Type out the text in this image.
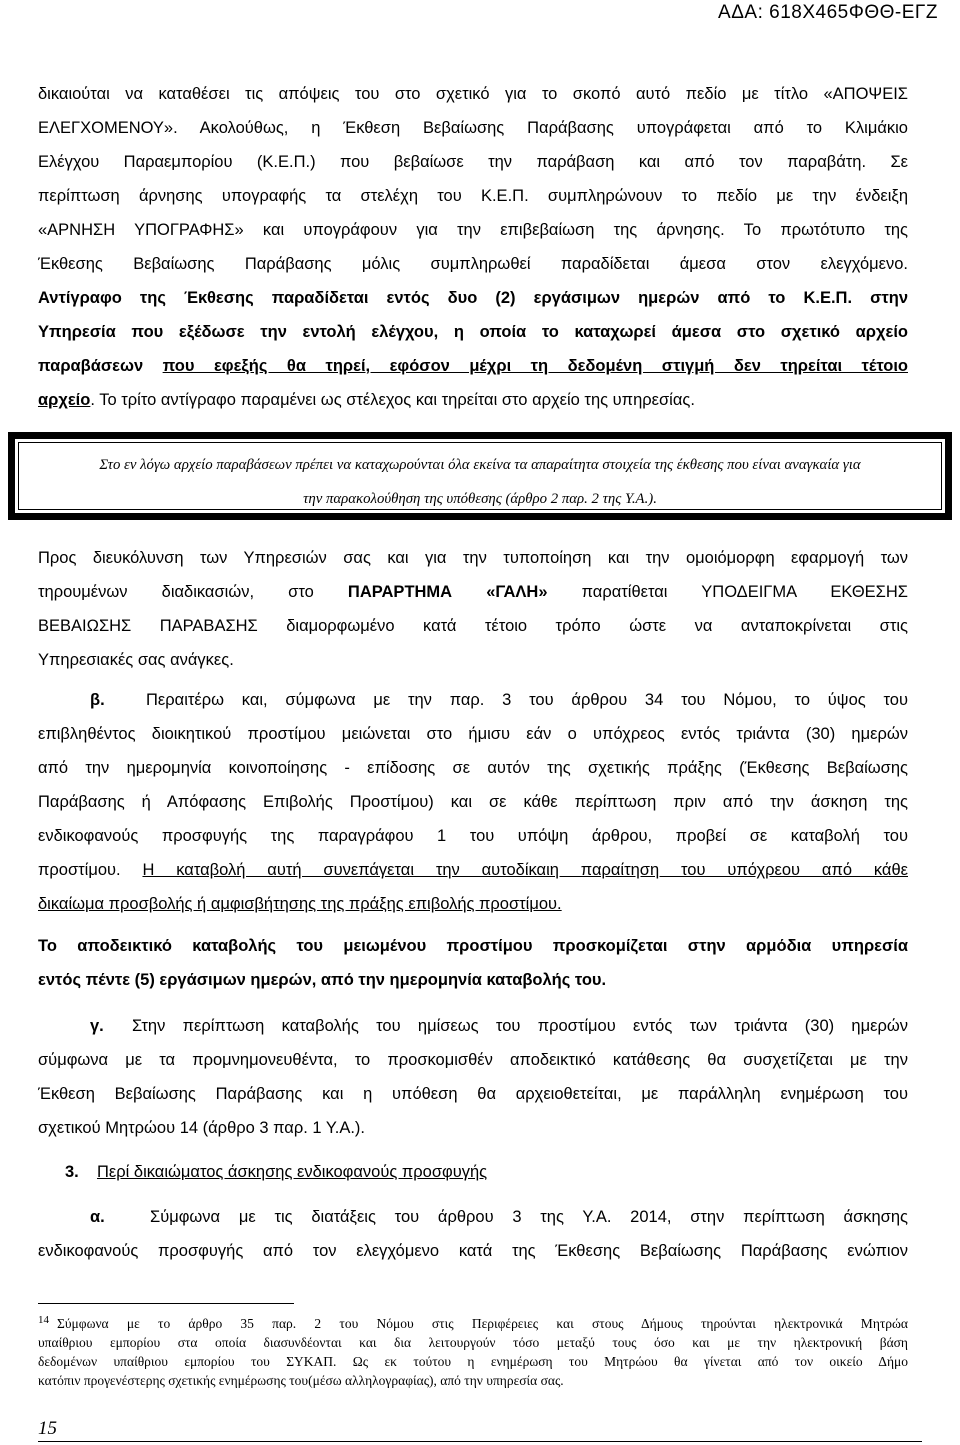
ΑΔΑ: 618Χ465ΦΘΘ-ΕΓΖ
δικαιούται να καταθέσει τις απόψεις του στο σχετικό για το σκοπό αυτό πεδίο με τίτλο «ΑΠΟΨΕΙΣ
ΕΛΕΓΧΟΜΕΝΟΥ». Ακολούθως, η Έκθεση Βεβαίωσης Παράβασης υπογράφεται από το Κλιμάκιο
Ελέγχου Παραεμπορίου (Κ.Ε.Π.) που βεβαίωσε την παράβαση και από τον παραβάτη. Σε
περίπτωση άρνησης υπογραφής τα στελέχη του Κ.Ε.Π. συμπληρώνουν το πεδίο με την ένδειξη
«ΑΡΝΗΣΗ ΥΠΟΓΡΑΦΗΣ» και υπογράφουν για την επιβεβαίωση της άρνησης. Το πρωτότυπο της
Έκθεσης Βεβαίωσης Παράβασης μόλις συμπληρωθεί παραδίδεται άμεσα στον ελεγχόμενο.
Αντίγραφο της Έκθεσης παραδίδεται εντός δυο (2) εργάσιμων ημερών από το Κ.Ε.Π. στην
Υπηρεσία που εξέδωσε την εντολή ελέγχου, η οποία το καταχωρεί άμεσα στο σχετικό αρχείο
παραβάσεων που εφεξής θα τηρεί, εφόσον μέχρι τη δεδομένη στιγμή δεν τηρείται τέτοιο
αρχείο. Το τρίτο αντίγραφο παραμένει ως στέλεχος και τηρείται στο αρχείο της υπηρεσίας.
Στο εν λόγω αρχείο παραβάσεων πρέπει να καταχωρούνται όλα εκείνα τα απαραίτητα στοιχεία της έκθεσης που είναι αναγκαία για
την παρακολούθηση της υπόθεσης (άρθρο 2 παρ. 2 της Υ.Α.).
Προς διευκόλυνση των Υπηρεσιών σας και για την τυποποίηση και την ομοιόμορφη εφαρμογή των
τηρουμένων διαδικασιών, στο ΠΑΡΑΡΤΗΜΑ «ΓΑΛΗ» παρατίθεται ΥΠΟΔΕΙΓΜΑ ΕΚΘΕΣΗΣ
ΒΕΒΑΙΩΣΗΣ ΠΑΡΑΒΑΣΗΣ διαμορφωμένο κατά τέτοιο τρόπο ώστε να ανταποκρίνεται στις
Υπηρεσιακές σας ανάγκες.
β.	Περαιτέρω και, σύμφωνα με την παρ. 3 του άρθρου 34 του Νόμου, το ύψος του
επιβληθέντος διοικητικού προστίμου μειώνεται στο ήμισυ εάν ο υπόχρεος εντός τριάντα (30) ημερών
από την ημερομηνία κοινοποίησης - επίδοσης σε αυτόν της σχετικής πράξης (Έκθεσης Βεβαίωσης
Παράβασης ή Απόφασης Επιβολής Προστίμου) και σε κάθε περίπτωση πριν από την άσκηση της
ενδικοφανούς προσφυγής της παραγράφου 1 του υπόψη άρθρου, προβεί σε καταβολή του
προστίμου. Η καταβολή αυτή συνεπάγεται την αυτοδίκαιη παραίτηση του υπόχρεου από κάθε
δικαίωμα προσβολής ή αμφισβήτησης της πράξης επιβολής προστίμου.
Το αποδεικτικό καταβολής του μειωμένου προστίμου προσκομίζεται στην αρμόδια υπηρεσία
εντός πέντε (5) εργάσιμων ημερών, από την ημερομηνία καταβολής του.
γ. Στην περίπτωση καταβολής του ημίσεως του προστίμου εντός των τριάντα (30) ημερών
σύμφωνα με τα προμνημονευθέντα, το προσκομισθέν αποδεικτικό κατάθεσης θα συσχετίζεται με την
Έκθεση Βεβαίωσης Παράβασης και η υπόθεση θα αρχειοθετείται, με παράλληλη ενημέρωση του
σχετικού Μητρώου 14 (άρθρο 3 παρ. 1 Υ.Α.).
3. Περί δικαιώματος άσκησης ενδικοφανούς προσφυγής
α.	Σύμφωνα με τις διατάξεις του άρθρου 3 της Υ.Α. 2014, στην περίπτωση άσκησης
ενδικοφανούς προσφυγής από τον ελεγχόμενο κατά της Έκθεσης Βεβαίωσης Παράβασης ενώπιον
$^{14}$ Σύμφωνα με το άρθρο 35 παρ. 2 του Νόμου στις Περιφέρειες και στους Δήμους τηρούνται ηλεκτρονικά Μητρώα
υπαίθριου εμπορίου στα οποία διασυνδέονται και δια λειτουργούν τόσο μεταξύ τους όσο και με την ηλεκτρονική βάση
δεδομένων υπαίθριου εμπορίου του ΣΥΚΑΠ. Ως εκ τούτου η ενημέρωση του Μητρώου θα γίνεται από τον οικείο Δήμο
κατόπιν προγενέστερης σχετικής ενημέρωσης του(μέσω αλληλογραφίας), από την υπηρεσία σας.
15
